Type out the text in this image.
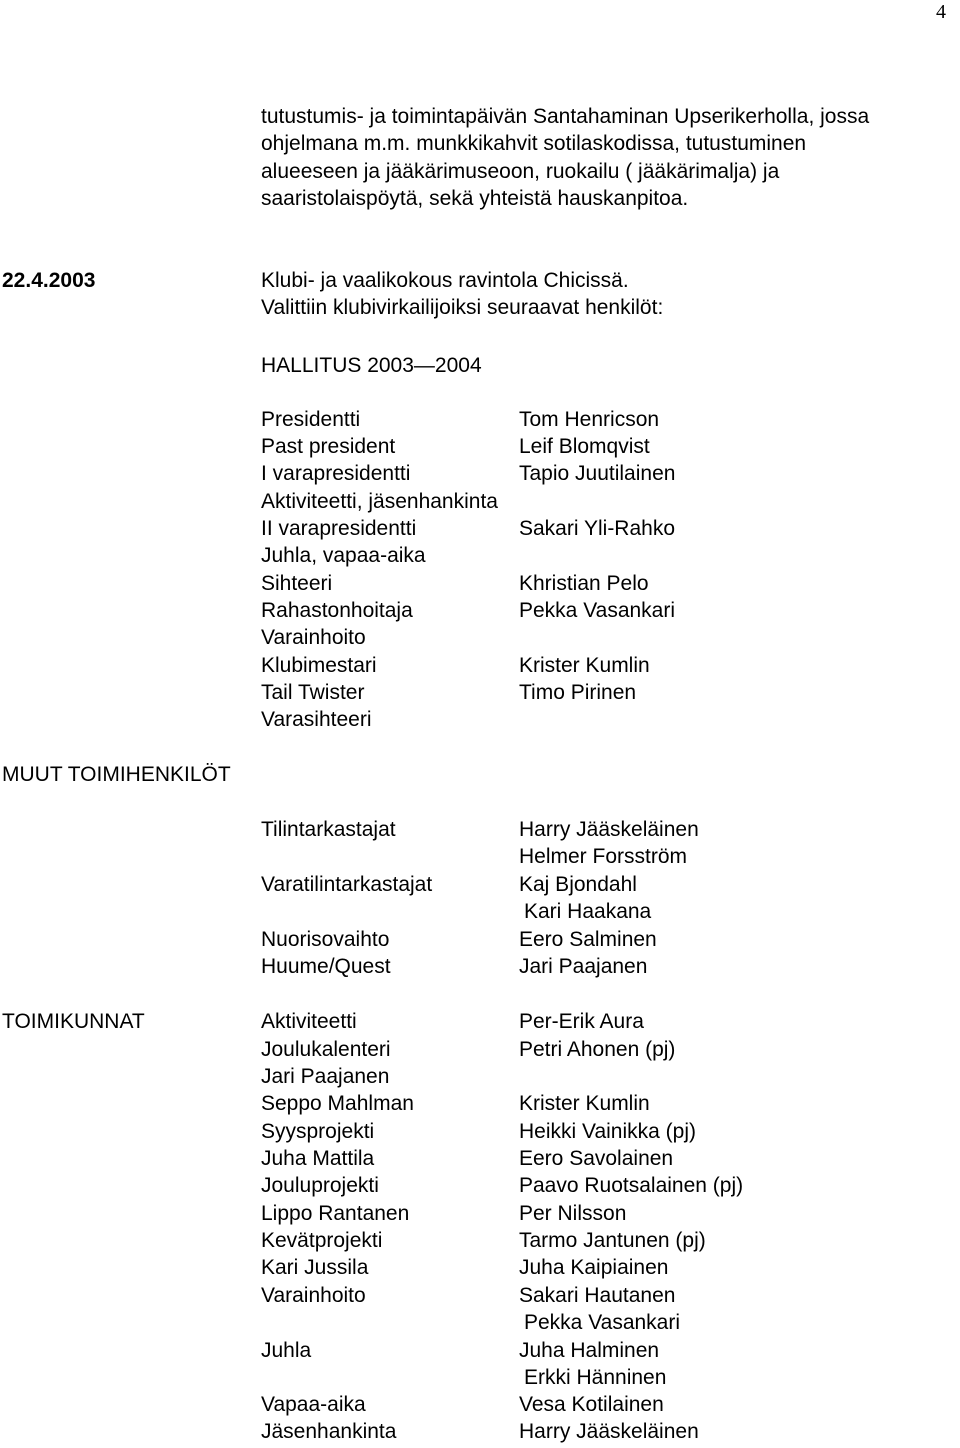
4
tutustumis- ja toimintapäivän Santahaminan Upserikerholla, jossa
ohjelmana m.m. munkkikahvit sotilaskodissa, tutustuminen
alueeseen ja jääkärimuseoon, ruokailu ( jääkärimalja) ja
saaristolaispöytä, sekä yhteistä hauskanpitoa.
22.4.2003	Klubi- ja vaalikokous ravintola Chicissä.
Valittiin klubivirkailijoiksi seuraavat henkilöt:
HALLITUS 2003—2004
Presidentti	Tom Henricson
Past president	Leif Blomqvist
I varapresidentti	Tapio Juutilainen
Aktiviteetti, jäsenhankinta
II varapresidentti	Sakari Yli-Rahko
Juhla, vapaa-aika
Sihteeri	Khristian Pelo
Rahastonhoitaja	Pekka Vasankari
Varainhoito
Klubimestari	Krister Kumlin
Tail Twister	Timo Pirinen
Varasihteeri
MUUT TOIMIHENKILÖT
Tilintarkastajat	Harry Jääskeläinen
Helmer Forsström
Varatilintarkastajat	Kaj Bjondahl
Kari Haakana
Nuorisovaihto	Eero Salminen
Huume/Quest	Jari Paajanen
TOIMIKUNNAT	Aktiviteetti	Per-Erik Aura
Joulukalenteri	Petri Ahonen (pj)
Jari Paajanen
Seppo Mahlman	Krister Kumlin
Syysprojekti	Heikki Vainikka (pj)
Juha Mattila	Eero Savolainen
Jouluprojekti	Paavo Ruotsalainen (pj)
Lippo Rantanen	Per Nilsson
Kevätprojekti	Tarmo Jantunen (pj)
Kari Jussila	Juha Kaipiainen
Varainhoito	Sakari Hautanen
Pekka Vasankari
Juhla	Juha Halminen
Erkki Hänninen
Vapaa-aika	Vesa Kotilainen
Jäsenhankinta	Harry Jääskeläinen
